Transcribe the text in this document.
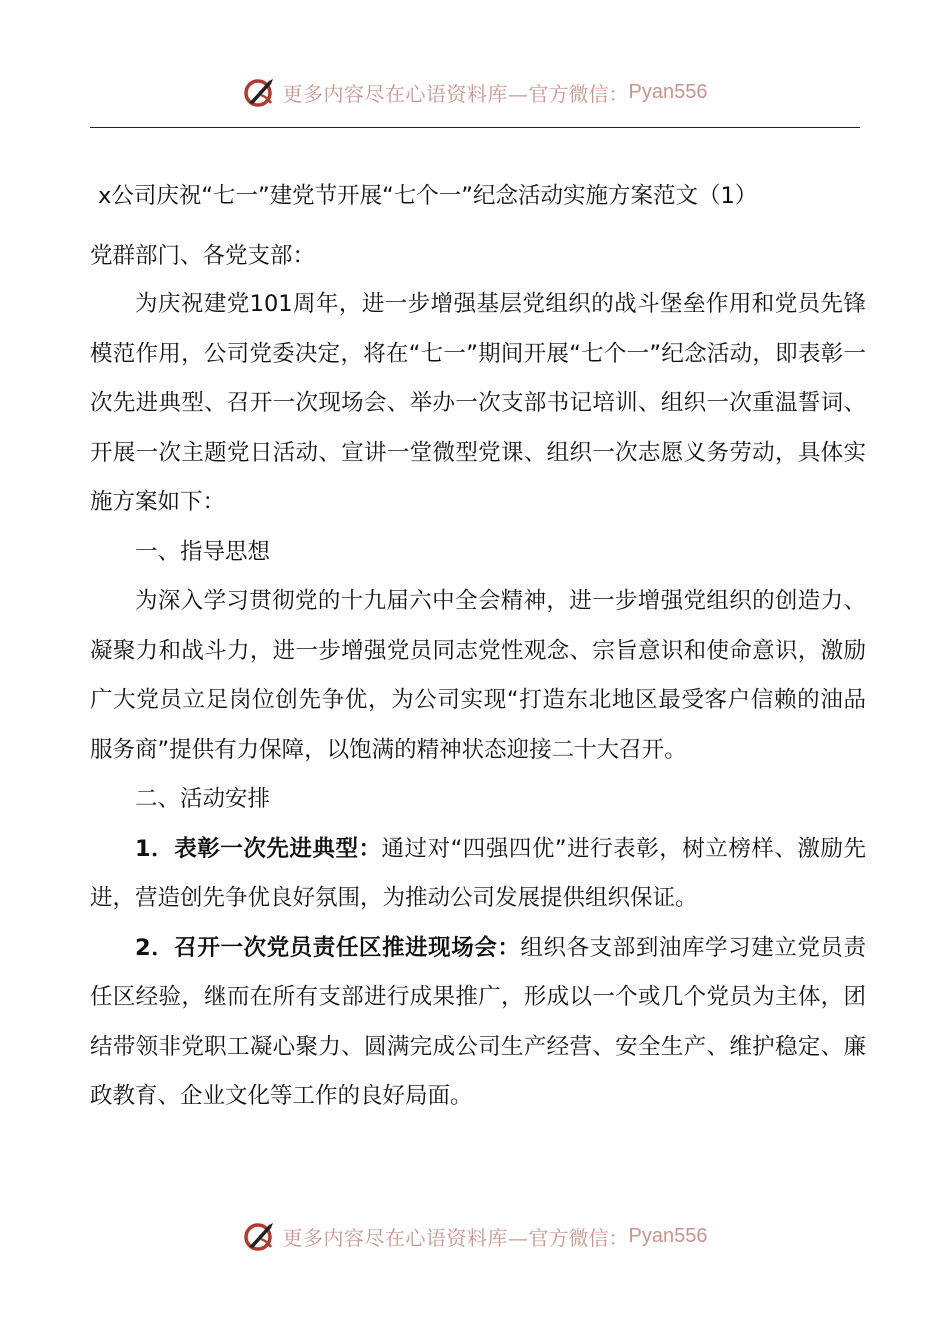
更多内容尽在心语资料库— 官方微信： Pyan556
x公司庆祝“七一”建党节开展“七个一”纪念活动实施方案范文（1）
党群部门、各党支部：

为庆祝建党101周年，进一步增强基层党组织的战斗堡垒作用和党员先锋模范作用，公司党委决定，将在“七一”期间开展“七个一”纪念活动，即表彰一次先进典型、召开一次现场会、举办一次支部书记培训、组织一次重温誓词、开展一次主题党日活动、宣讲一堂微型党课、组织一次志愿义务劳动，具体实施方案如下：

一、指导思想

为深入学习贯彻党的十九届六中全会精神，进一步增强党组织的创造力、凝聚力和战斗力，进一步增强党员同志党性观念、宗旨意识和使命意识，激励广大党员立足岗位创先争优，为公司实现“打造东北地区最受客户信赖的油品服务商”提供有力保障，以饱满的精神状态迎接二十大召开。

二、活动安排

1．表彰一次先进典型：通过对“四强四优”进行表彰，树立榜样、激励先进，营造创先争优良好氛围，为推动公司发展提供组织保证。

2．召开一次党员责任区推进现场会：组织各支部到油库学习建立党员责任区经验，继而在所有支部进行成果推广，形成以一个或几个党员为主体，团结带领非党职工凝心聚力、圆满完成公司生产经营、安全生产、维护稳定、廉政教育、企业文化等工作的良好局面。

更多内容尽在心语资料库— 官方微信： Pyan556
